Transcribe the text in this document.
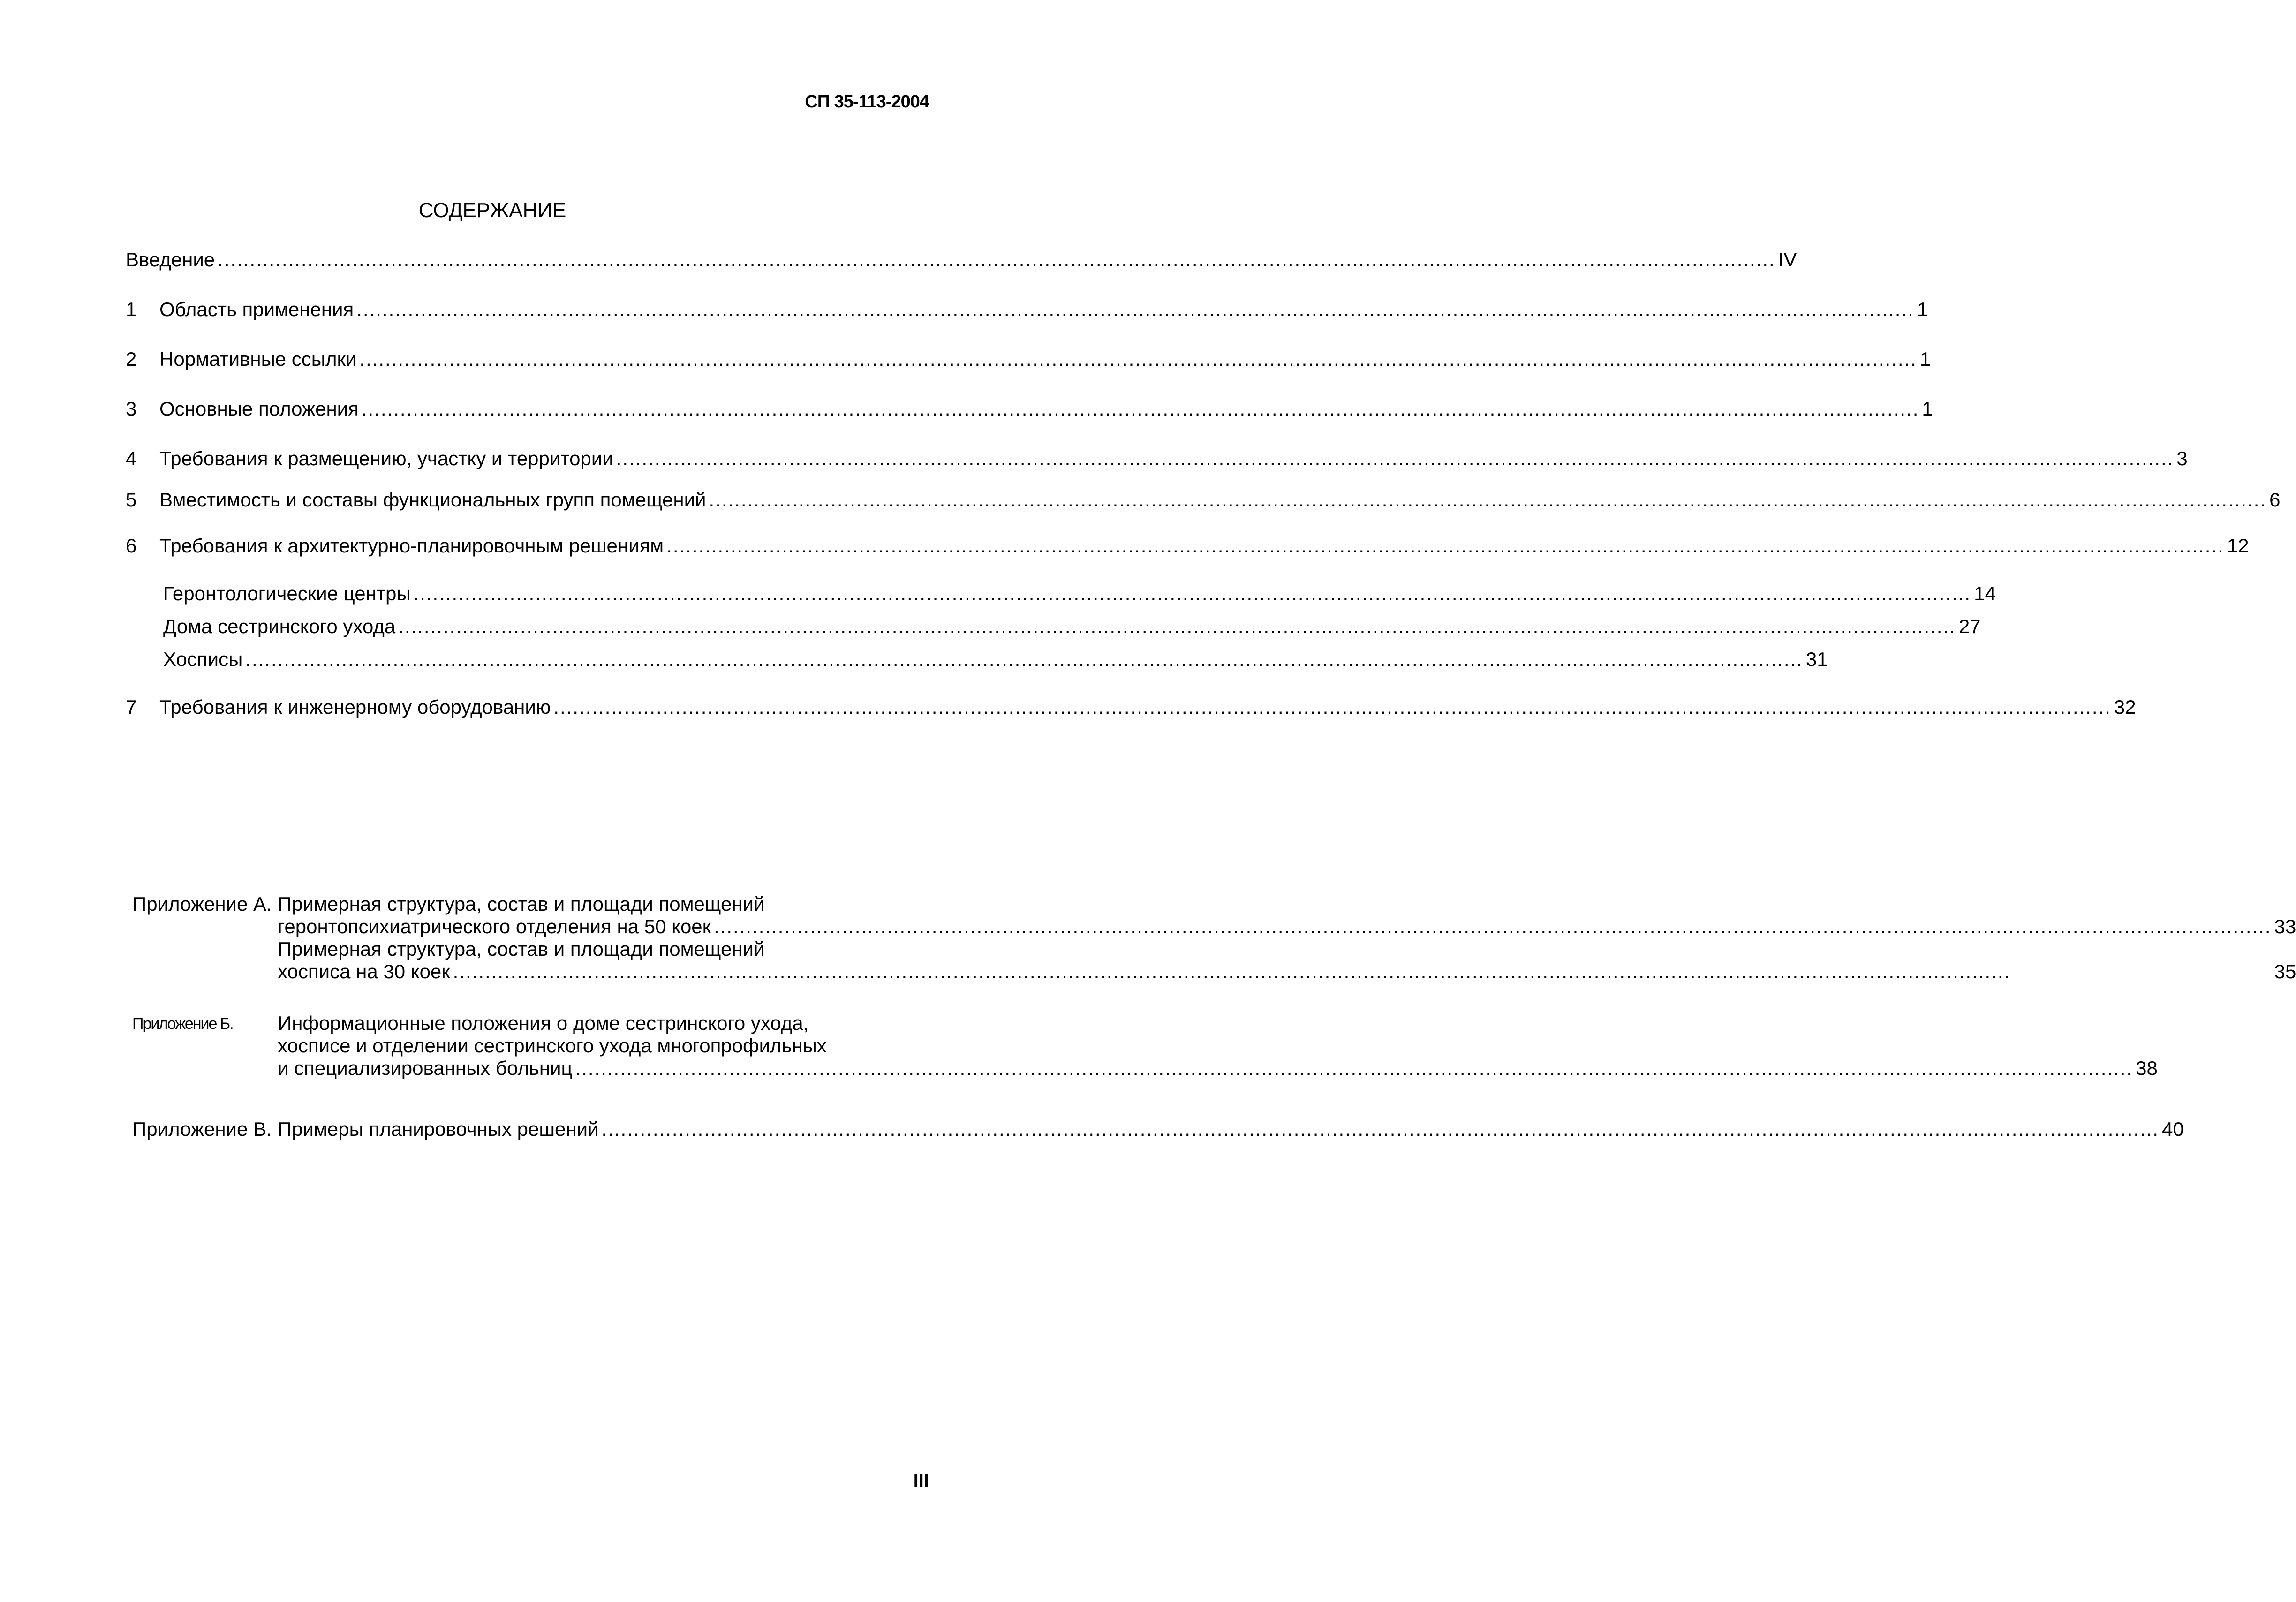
СП 35-113-2004
СОДЕРЖАНИЕ
Введение .....	IV
1	Область применения .....	1
2	Нормативные ссылки .....	1
3	Основные положения .....	1
4	Требования к размещению, участку и территории .....	3
5	Вместимость и составы функциональных групп помещений .....	6
6	Требования к архитектурно-планировочным решениям .....	12
Геронтологические центры .....	14
Дома сестринского ухода .....	27
Хосписы .....	31
7	Требования к инженерному оборудованию .....	32
Приложение А. Примерная структура, состав и площади помещений
геронтопсихиатрического отделения на 50 коек .....	33
Примерная структура, состав и площади помещений
хосписа на 30 коек .....	35
Приложение Б.	Информационные положения о доме сестринского ухода,
хосписе и отделении сестринского ухода многопрофильных
и специализированных больниц .....	38
Приложение В. Примеры планировочных решений .....	40
III
